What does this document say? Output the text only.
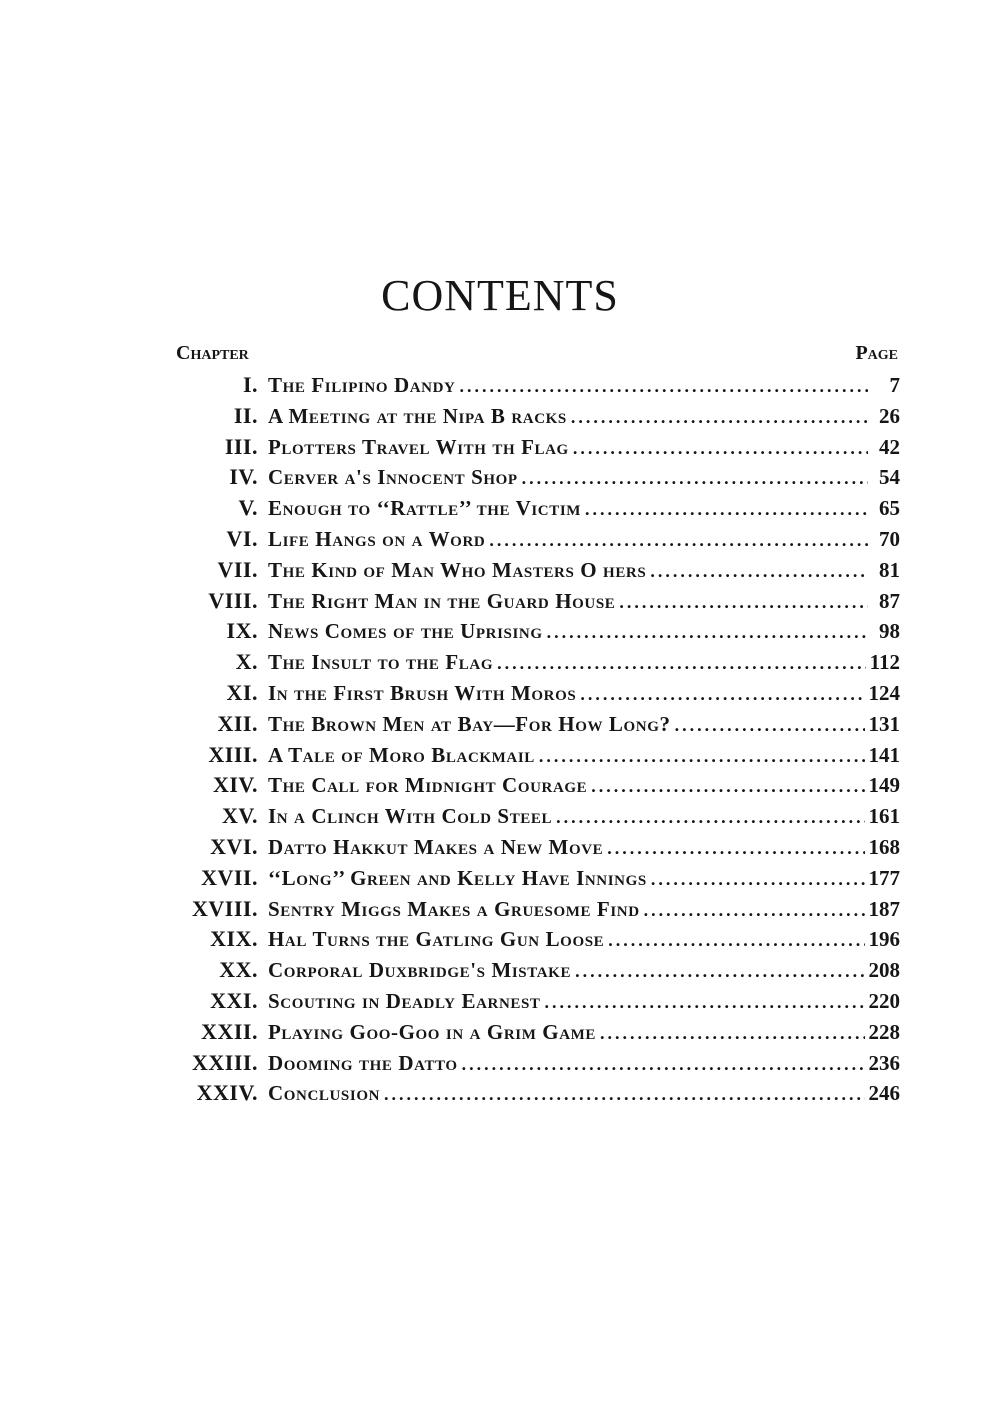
CONTENTS
Chapter	Page
I. The Filipino Dandy .....	7
II. A Meeting at the Nipa B racks .....	26
III. Plotters Travel With th Flag .....	42
IV. Cerver a's Innocent Shop .....	54
V. Enough to ‘‘Rattle’’ the Victim .....	65
VI. Life Hangs on a Word .....	70
VII. The Kind of Man Who Masters O hers .....	81
VIII. The Right Man in the Guard House .....	87
IX. News Comes of the Uprising .....	98
X. The Insult to the Flag .....	112
XI. In the First Brush With Moros .....	124
XII. The Brown Men at Bay—For How Long? .....	131
XIII. A Tale of Moro Blackmail .....	141
XIV. The Call for Midnight Courage .....	149
XV. In a Clinch With Cold Steel .....	161
XVI. Datto Hakkut Makes a New Move .....	168
XVII. ‘‘Long’’ Green and Kelly Have Innings .....	177
XVIII. Sentry Miggs Makes a Gruesome Find .....	187
XIX. Hal Turns the Gatling Gun Loose .....	196
XX. Corporal Duxbridge's Mistake .....	208
XXI. Scouting in Deadly Earnest .....	220
XXII. Playing Goo-Goo in a Grim Game .....	228
XXIII. Dooming the Datto .....	236
XXIV. Conclusion .....	246
